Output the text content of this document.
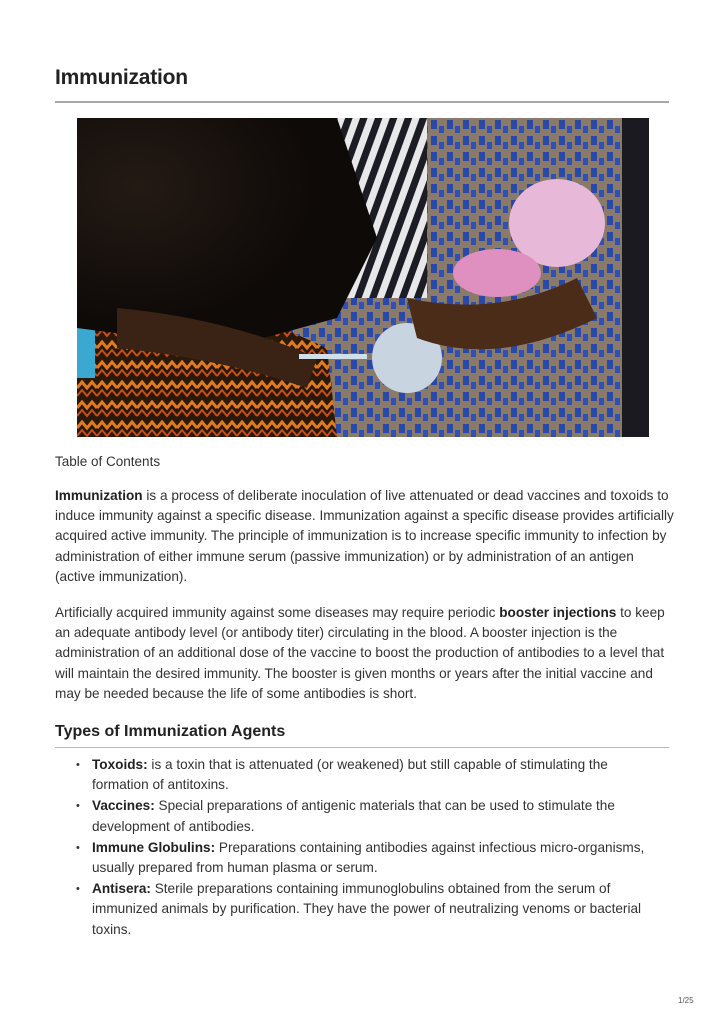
Immunization
Table of Contents

Immunization is a process of deliberate inoculation of live attenuated or dead vaccines and toxoids to induce immunity against a specific disease. Immunization against a specific disease provides artificially acquired active immunity. The principle of immunization is to increase specific immunity to infection by administration of either immune serum (passive immunization) or by administration of an antigen (active immunization).

Artificially acquired immunity against some diseases may require periodic booster injections to keep an adequate antibody level (or antibody titer) circulating in the blood. A booster injection is the administration of an additional dose of the vaccine to boost the production of antibodies to a level that will maintain the desired immunity. The booster is given months or years after the initial vaccine and may be needed because the life of some antibodies is short.

Types of Immunization Agents
• Toxoids: is a toxin that is attenuated (or weakened) but still capable of stimulating the formation of antitoxins.
• Vaccines: Special preparations of antigenic materials that can be used to stimulate the development of antibodies.
• Immune Globulins: Preparations containing antibodies against infectious micro-organisms, usually prepared from human plasma or serum.
• Antisera: Sterile preparations containing immunoglobulins obtained from the serum of immunized animals by purification. They have the power of neutralizing venoms or bacterial toxins.
1/25
